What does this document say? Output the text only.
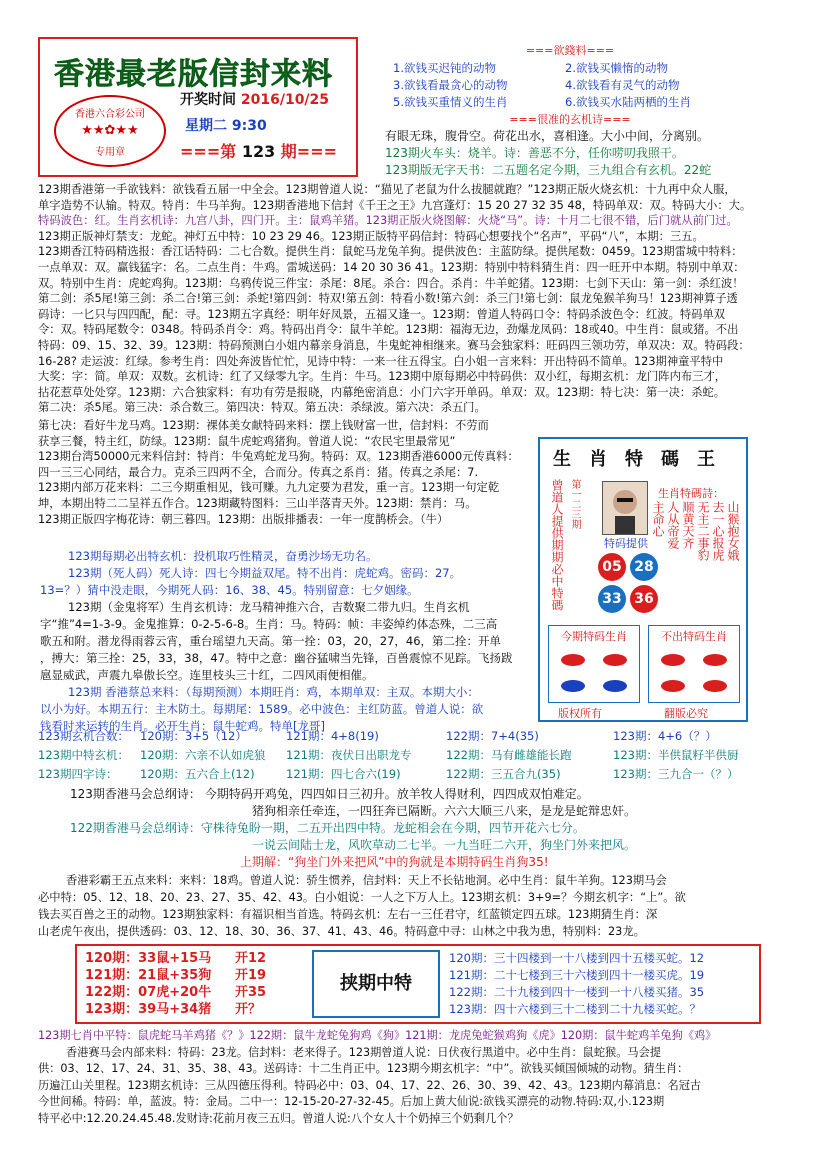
香港最老版信封来料
香港六合彩公司
★★✿★★
专用章
开奖时间 2016/10/25
星期二 9:30
===第 123 期===
===欲錢料===
1.欲钱买迟钝的动物	2.欲钱买懒惰的动物
3.欲钱看最贪心的动物	4.欲钱看有灵气的动物
5.欲钱买重情义的生肖	6.欲钱买水陆两栖的生肖
===很准的玄机诗===
有眼无珠，腹骨空。荷花出水，喜相逢。大小中间，分离别。
123期火车头：烧羊。诗：善恶不分，任你唠叨我照干。
123期版无字天书：二五题名定今期，三九组合有玄机。22蛇
123期香港第一手欲钱料：欲钱看五届一中全会。123期曾道人说：“猫见了老鼠为什么拔腿就跑？”123期正版火烧玄机：十九再中众人服，
单字造势不认输。特双。特肖：牛马羊狗。123期香港地下信封《千王之王》九宫蓬灯：15 20 27 32 35 48，特码单双：双。特码大小：大。
特码波色：红。生肖玄机诗：九宫八卦，四门开。主：鼠鸡羊猪。123期正版火烧图解：火烧“马”。诗：十月二七很不错，后门就从前门过。
123期正版神灯禁支：龙蛇。神灯五中特：10 23 29 46。123期正版特平码信封：特码心想要找个“名声”，平码“八”，本期：三五。
123期香江特码精选报：香江话特码：二七合数。提供生肖：鼠蛇马龙兔羊狗。提供波色：主蓝防绿。提供尾数：0459。123期雷城中特料：
一点单双：双。赢钱猛字：名。二点生肖：牛鸡。雷城送码：14 20 30 36 41。123期：特别中特料猜生肖：四一旺开中本期。特别中单双：
双。特别中生肖：虎蛇鸡狗。123期：乌鸦传说三件宝：杀尾：8尾。杀合：四合。杀肖：牛羊蛇猪。123期：七剑下天山：第一剑：杀红波！
第二剑：杀5尾!第三剑：杀二合!第三剑：杀蛇!第四剑：特双!第五剑：特看小数!第六剑：杀三门!第七剑：鼠龙兔猴羊狗马！123期神算子透
码诗：一匕只与四四配，配：寻。123期五字真经：明年好凤景，五福又逢一。123期：曾道人特码口令：特码杀波色令：红波。特码单双
令：双。特码尾数令：0348。特码杀肖令：鸡。特码出肖令：鼠牛羊蛇。123期：福海无边，劲爆龙凤码：18或40。中生肖：鼠或猪。不出
特码：09、15、32、39。123期：特码预测白小姐内幕亲身消息，牛鬼蛇神相继来。赛马会独家料：旺码四三领功劳，单双决：双。特码段：
16-28? 走运波：红绿。参考生肖：四处奔波皆忙忙，见诗中特：一来一往五得宝。白小姐一言来料：开出特码不简单。123期神童平特中
大奖：字：简。单双：双数。玄机诗：红了又绿零九字。生肖：牛马。123期中原每期必中特码供：双小红，每期玄机：龙门阵内布三才，
拈花惹草处处穿。123期：六合独家料：有功有劳是报晓，内幕绝密消息：小门六字开单码。单双：双。123期：特七决：第一决：杀蛇。
第二决：杀5尾。第三决：杀合数三。第四决：特双。第五决：杀绿波。第六决：杀五门。
第七决：看好牛龙马鸡。123期：裸体美女献特码来料：摆上钱财富一世，信封料：不劳而
获享三餐，特主红，防绿。123期：鼠牛虎蛇鸡猪狗。曾道人说：“农民宅里最常见”
123期台湾50000元来料信封：特肖：牛兔鸡蛇龙马狗。特码：双。123期香港6000元传真料：
四一三三心同结，最合力。克杀三四两不全，合而分。传真之系肖：猪。传真之杀尾：7.
123期内部万花来料：二三今期重相见，钱可赚。九九定要为君发，重一言。123期一句定乾
坤，本期出特二二呈祥五作合。123期藏特图料：三山半落青天外。123期：禁肖：马。
123期正版四字梅花诗：朝三暮四。123期：出版排播表：一年一度鹊桥会。（牛）
123期每期必出特玄机：投机取巧性精灵，奋勇沙场无功名。
123期（死人码）死人诗：四七今期益双尾。特不出肖：虎蛇鸡。密码：27。
13=？）猜中没走眼，今期死人码：16、38、45。特别留意：七夕姻缘。
123期（金鬼将军）生肖玄机诗：龙马精神推六合，吉数聚二带九归。生肖玄机
字“推”4=1-3-9。金鬼推算：0-2-5-6-8。生肖：马。特码：帧：丰姿绰约体态殊，二三高
歌五和附。潜龙得雨蓉云宵，重台瑶望九天高。第一拴：03，20，27，46，第二拴：开单
，搏大：第三拴：25，33，38，47。特中之意：幽谷猛啸当先锋，百兽震惊不见踪。飞扬跋
扈显威武，声震九皋傲长空。连里枝头三十红，二四风雨便相催。
123期 香港蔡总来料：（每期预测）本期旺肖：鸡，本期单双：主双。本期大小：
以小为好。本期五行：主木防土。每期尾：1589。必中波色：主红防蓝。曾道人说：欲
钱看时来运转的生肖。必开生肖：鼠牛蛇鸡。特单[龙哥]
生肖特碼王
曾道人提供期期必中特碼 第一二三期	生肖特碼詩：
特码提供
05 28
33 36
山猴抱女娥
去一心报虎
无主二事豹
顺黄天齐
人从帝爱
主命心
今期特码生肖	不出特码生肖
版权所有	翻版必究
123期玄机合数： 120期：3+5（12）	121期：4+8(19)	122期：7+4(35)	123期：4+6（？）
123期中特玄机： 120期：六亲不认如虎狼 121期：夜伏日出职龙专	122期：马有雌雄能长跑	123期：半供鼠籽半供厨
123期四字诗： 120期：五六合上(12)	121期：四七合六(19)	122期：三五合九(35)	123期：三九合一（？）
123期香港马会总纲诗： 今期特码开鸡兔，四四如日三初升。放羊牧人得财利，四四成双怕难定。
猪狗相亲任牵连，一四狂奔已隔断。六六大顺三八来，是龙是蛇辩忠奸。
122期香港马会总纲诗：守株待兔盼一期，二五开出四中特。龙蛇相会在今期，四节开花六七分。
一说云间陆士龙，风吹草动二七半。一九当旺二六开，狗坐门外来把风。
上期解：“狗坐门外来把风”中的狗就是本期特码生肖狗35!
香港彩霸王五点来料：来料：18鸡。曾道人说：骄生惯养，信封料：天上不长钻地洞。必中生肖：鼠牛羊狗。123期马会
必中特：05、12、18、20、23、27、35、42、43。白小姐说：一人之下万人上。123期玄机：3+9=？今期玄机字：“上”。欲
钱去买百兽之王的动物。123期独家料：有福识相当首选。特码玄机：左右一三任君守，红蓝锁定四五球。123期猜生肖：深
山老虎午夜出，提供透码：03、12、18、30、36、37、41、43、46。特码意中寻：山林之中我为患，特别料：23龙。
120期：33鼠+15马 开12
121期：21鼠+35狗 开19
122期：07虎+20牛 开35
123期：39马+34猪 开？
挟期中特
120期：三十四楼到一十八楼到四十五楼买蛇。12
121期：二十七楼到三十六楼到四十一楼买虎。19
122期：二十九楼到四十一楼到一十八楼买猪。35
123期：四十六楼到三十二楼到二十九楼买蛇。？
123期七肖中平特：鼠虎蛇马羊鸡猪《？》122期：鼠牛龙蛇兔狗鸡《狗》121期：龙虎兔蛇猴鸡狗《虎》120期：鼠牛蛇鸡羊兔狗《鸡》
香港赛马会内部来料：特码：23龙。信封料：老来得子。123期曾道人说：日伏夜行黑道中。必中生肖：鼠蛇猴。马会提
供：03、12、17、24、31、35、38、43。送码诗：十二生肖正中。123期今期玄机字：“中”。欲钱买倾国倾城的动物。猜生肖：
历遍江山关里程。123期玄机诗：三从四德压得利。特码必中：03、04、17、22、26、30、39、42、43。123期内幕消息：名冠古
今世间稀。特码：单，蓝波。特：金局。二中一：12-15-20-27-32-45。后加上黄大仙说:欲钱买漂亮的动物.特码:双,小.123期
特平必中:12.20.24.45.48.发财诗:花前月夜三五归。曾道人说:八个女人十个奶掉三个奶剩几个？
